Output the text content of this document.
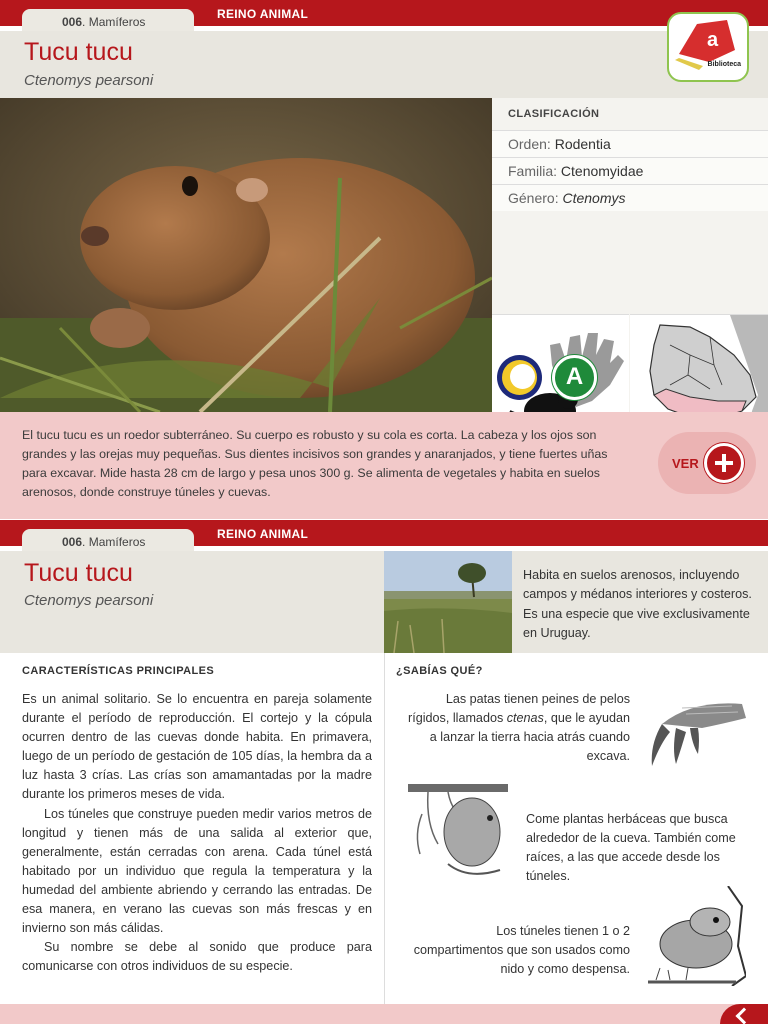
REINO ANIMAL
006. Mamíferos
Tucu tucu
Ctenomys pearsoni
a
Biblioteca
CLASIFICACIÓN
Orden: Rodentia
Familia: Ctenomyidae
Género: Ctenomys
A
El tucu tucu es un roedor subterráneo. Su cuerpo es robusto y su cola es corta. La cabeza y los ojos son grandes y las orejas muy pequeñas. Sus dientes incisivos son grandes y anaranjados, y tiene fuertes uñas para excavar. Mide hasta 28 cm de largo y pesa unos 300 g. Se alimenta de vegetales y habita en suelos arenosos, donde construye túneles y cuevas.
VER
REINO ANIMAL
006. Mamíferos
Tucu tucu
Ctenomys pearsoni
Habita en suelos arenosos, incluyendo campos y médanos interiores y costeros. Es una especie que vive exclusivamente en Uruguay.
CARACTERÍSTICAS PRINCIPALES

Es un animal solitario. Se lo encuentra en pareja solamente durante el período de reproducción. El cortejo y la cópula ocurren dentro de las cuevas donde habita. En primavera, luego de un período de gestación de 105 días, la hembra da a luz hasta 3 crías. Las crías son amamantadas por la madre durante los primeros meses de vida.

Los túneles que construye pueden medir varios metros de longitud y tienen más de una salida al exterior que, generalmente, están cerradas con arena. Cada túnel está habitado por un individuo que regula la temperatura y la humedad del ambiente abriendo y cerrando las entradas. De esa manera, en verano las cuevas son más frescas y en invierno son más cálidas.

Su nombre se debe al sonido que produce para comunicarse con otros individuos de su especie.

¿SABÍAS QUÉ?
Las patas tienen peines de pelos rígidos, llamados ctenas, que le ayudan a lanzar la tierra hacia atrás cuando excava.
Come plantas herbáceas que busca alrededor de la cueva. También come raíces, a las que accede desde los túneles.
Los túneles tienen 1 o 2 compartimentos que son usados como nido y como despensa.
